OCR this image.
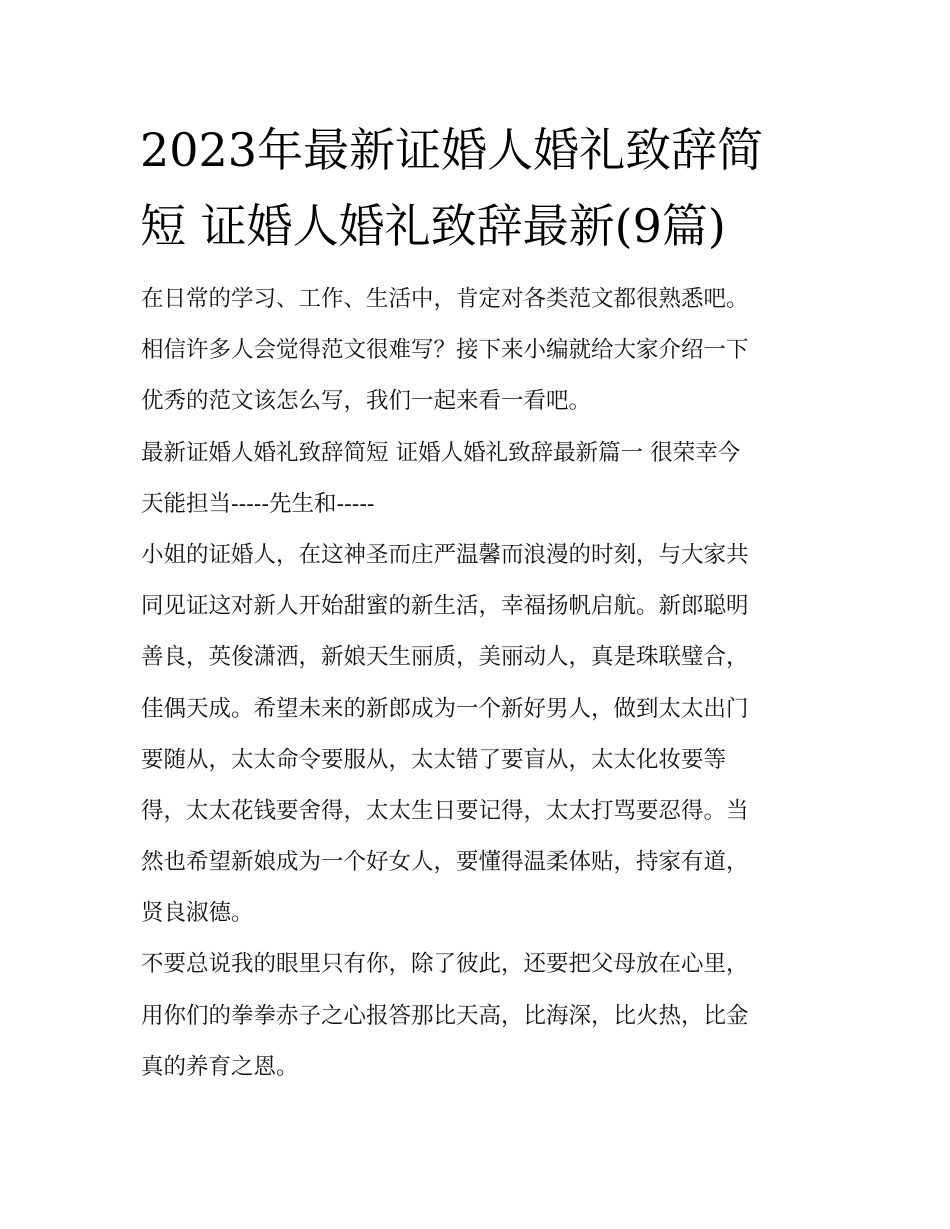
2023年最新证婚人婚礼致辞简
短 证婚人婚礼致辞最新(9篇)
在日常的学习、工作、生活中，肯定对各类范文都很熟悉吧。
相信许多人会觉得范文很难写？接下来小编就给大家介绍一下
优秀的范文该怎么写，我们一起来看一看吧。
最新证婚人婚礼致辞简短 证婚人婚礼致辞最新篇一 很荣幸今
天能担当-----先生和-----
小姐的证婚人，在这神圣而庄严温馨而浪漫的时刻，与大家共
同见证这对新人开始甜蜜的新生活，幸福扬帆启航。新郎聪明
善良，英俊潇洒，新娘天生丽质，美丽动人，真是珠联璧合，
佳偶天成。希望未来的新郎成为一个新好男人，做到太太出门
要随从，太太命令要服从，太太错了要盲从，太太化妆要等
得，太太花钱要舍得，太太生日要记得，太太打骂要忍得。当
然也希望新娘成为一个好女人，要懂得温柔体贴，持家有道，
贤良淑德。
不要总说我的眼里只有你，除了彼此，还要把父母放在心里，
用你们的拳拳赤子之心报答那比天高，比海深，比火热，比金
真的养育之恩。
